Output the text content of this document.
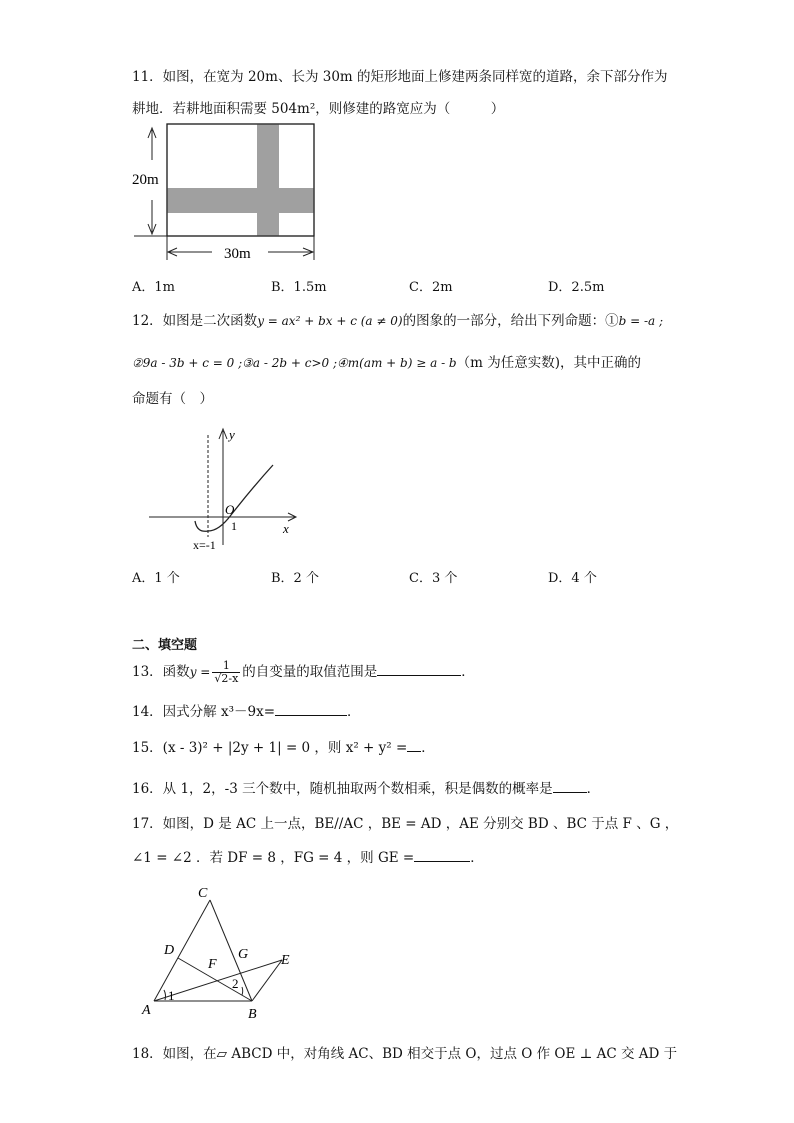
11．如图，在宽为 20m、长为 30m 的矩形地面上修建两条同样宽的道路，余下部分作为
耕地．若耕地面积需要 504m²，则修建的路宽应为（　　　）
20m
30m
A．1m	B．1.5m	C．2m	D．2.5m
12．如图是二次函数y = ax² + bx + c (a ≠ 0)的图象的一部分，给出下列命题：①b = -a ;
②9a - 3b + c = 0 ;③a - 2b + c>0 ;④m(am + b) ≥ a - b（m 为任意实数)，其中正确的
命题有（　）
y
x
O
1
x=-1
A．1 个	B．2 个	C．3 个	D．4 个
二、填空题
13．函数$y = \frac{1}{√2-x}$ 的自变量的取值范围是	．
14．因式分解 x³－9x=	．
15．(x - 3)² + |2y + 1| = 0 ，则 x² + y² = ．
16．从 1，2，-3 三个数中，随机抽取两个数相乘，积是偶数的概率是	．
17．如图，D 是 AC 上一点，BE//AC ，BE = AD ，AE 分别交 BD 、BC 于点 F 、G ，
∠1 = ∠2 ．若 DF = 8 ，FG = 4 ，则 GE =	．
C
D
F
G E
A	B
1
2
18．如图，在▱ ABCD 中，对角线 AC、BD 相交于点 O，过点 O 作 OE ⊥ AC 交 AD 于
